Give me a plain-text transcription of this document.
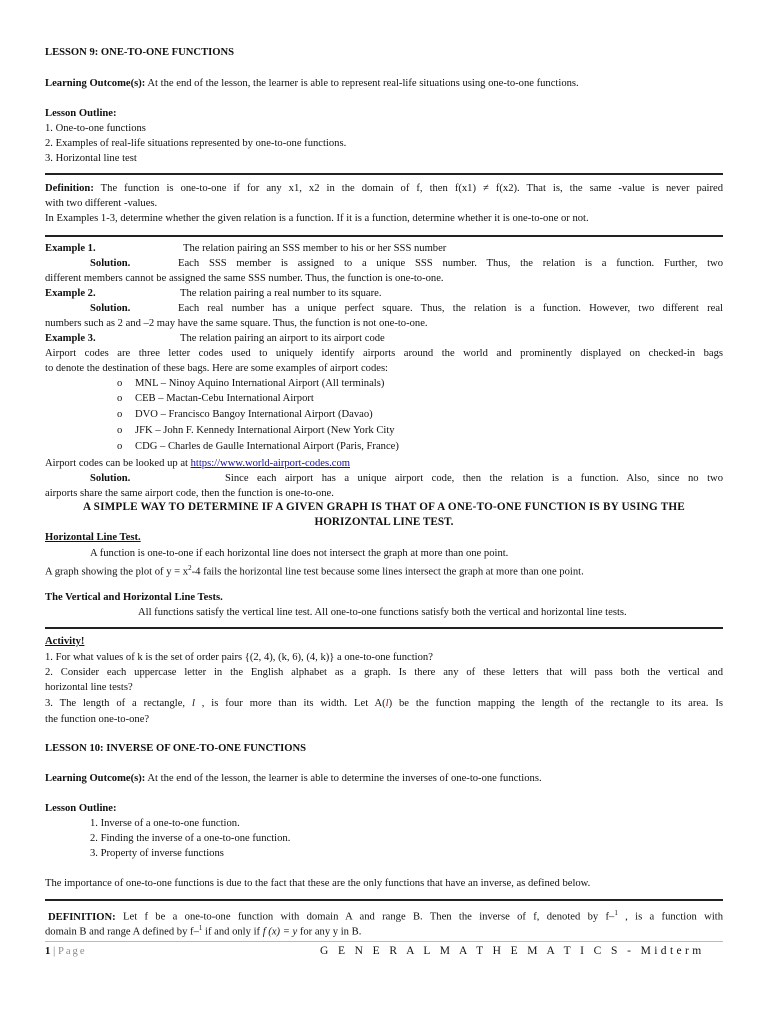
LESSON 9: ONE-TO-ONE FUNCTIONS
Learning Outcome(s): At the end of the lesson, the learner is able to represent real-life situations using one-to-one functions.
Lesson Outline:
1. One-to-one functions
2. Examples of real-life situations represented by one-to-one functions.
3. Horizontal line test
Definition: The function is one-to-one if for any x1, x2 in the domain of f, then f(x1) ≠ f(x2). That is, the same -value is never paired
with two different -values.
In Examples 1-3, determine whether the given relation is a function. If it is a function, determine whether it is one-to-one or not.
Example 1.	The relation pairing an SSS member to his or her SSS number
Solution.	Each SSS member is assigned to a unique SSS number. Thus, the relation is a function. Further, two
different members cannot be assigned the same SSS number. Thus, the function is one-to-one.
Example 2.	The relation pairing a real number to its square.
Solution.	Each real number has a unique perfect square. Thus, the relation is a function. However, two different real
numbers such as 2 and –2 may have the same square. Thus, the function is not one-to-one.
Example 3.	The relation pairing an airport to its airport code
Airport codes are three letter codes used to uniquely identify airports around the world and prominently displayed on checked-in bags
to denote the destination of these bags. Here are some examples of airport codes:
o MNL – Ninoy Aquino International Airport (All terminals)
o CEB – Mactan-Cebu International Airport
o DVO – Francisco Bangoy International Airport (Davao)
o JFK – John F. Kennedy International Airport (New York City
o CDG – Charles de Gaulle International Airport (Paris, France)
Airport codes can be looked up at https://www.world-airport-codes.com
Solution.	Since each airport has a unique airport code, then the relation is a function. Also, since no two
airports share the same airport code, then the function is one-to-one.
A SIMPLE WAY TO DETERMINE IF A GIVEN GRAPH IS THAT OF A ONE-TO-ONE FUNCTION IS BY USING THE
HORIZONTAL LINE TEST.
Horizontal Line Test.
A function is one-to-one if each horizontal line does not intersect the graph at more than one point.
A graph showing the plot of $y = x^2-4$ fails the horizontal line test because some lines intersect the graph at more than one point.
The Vertical and Horizontal Line Tests.
All functions satisfy the vertical line test. All one-to-one functions satisfy both the vertical and horizontal line tests.
Activity!
1. For what values of k is the set of order pairs {(2, 4), (k, 6), (4, k)} a one-to-one function?
2. Consider each uppercase letter in the English alphabet as a graph. Is there any of these letters that will pass both the vertical and
horizontal line tests?
3. The length of a rectangle, l , is four more than its width. Let A(l) be the function mapping the length of the rectangle to its area. Is
the function one-to-one?
LESSON 10: INVERSE OF ONE-TO-ONE FUNCTIONS
Learning Outcome(s): At the end of the lesson, the learner is able to determine the inverses of one-to-one functions.
Lesson Outline:
1. Inverse of a one-to-one function.
2. Finding the inverse of a one-to-one function.
3. Property of inverse functions
The importance of one-to-one functions is due to the fact that these are the only functions that have an inverse, as defined below.
DEFINITION: Let f be a one-to-one function with domain A and range B. Then the inverse of f, denoted by f–$^1$ , is a function with
domain B and range A defined by f–$^1$ if and only if f (x) = y for any y in B.
1 | Page	G E N E R A L M A T H E M A T I C S - Midterm
